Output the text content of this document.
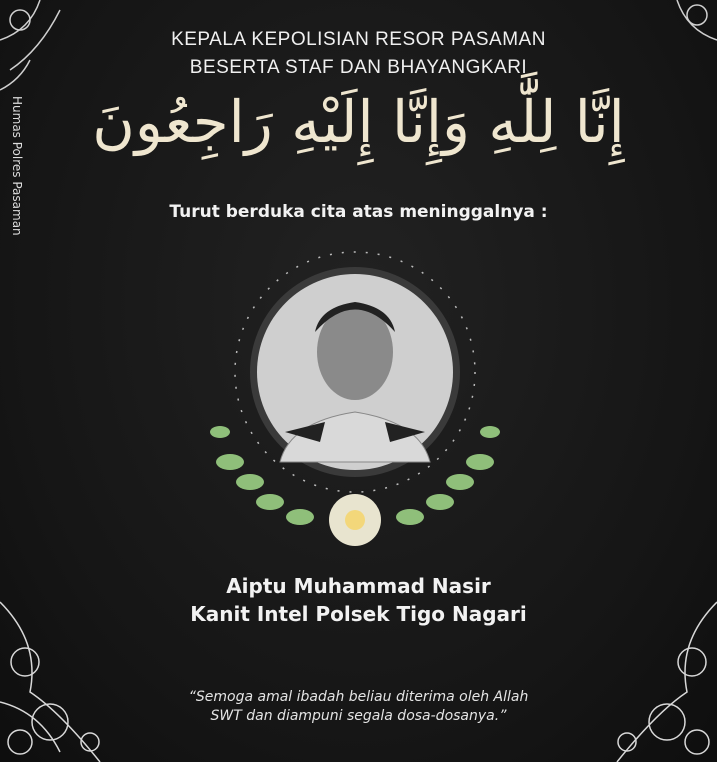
Humas Polres Pasaman
KEPALA KEPOLISIAN RESOR PASAMAN
BESERTA STAF DAN BHAYANGKARI
إِنَّا لِلَّٰهِ وَإِنَّا إِلَيْهِ رَاجِعُونَ
Turut berduka cita atas meninggalnya :
Aiptu Muhammad Nasir
Kanit Intel Polsek Tigo Nagari
“Semoga amal ibadah beliau diterima oleh Allah
SWT dan diampuni segala dosa-dosanya.”
